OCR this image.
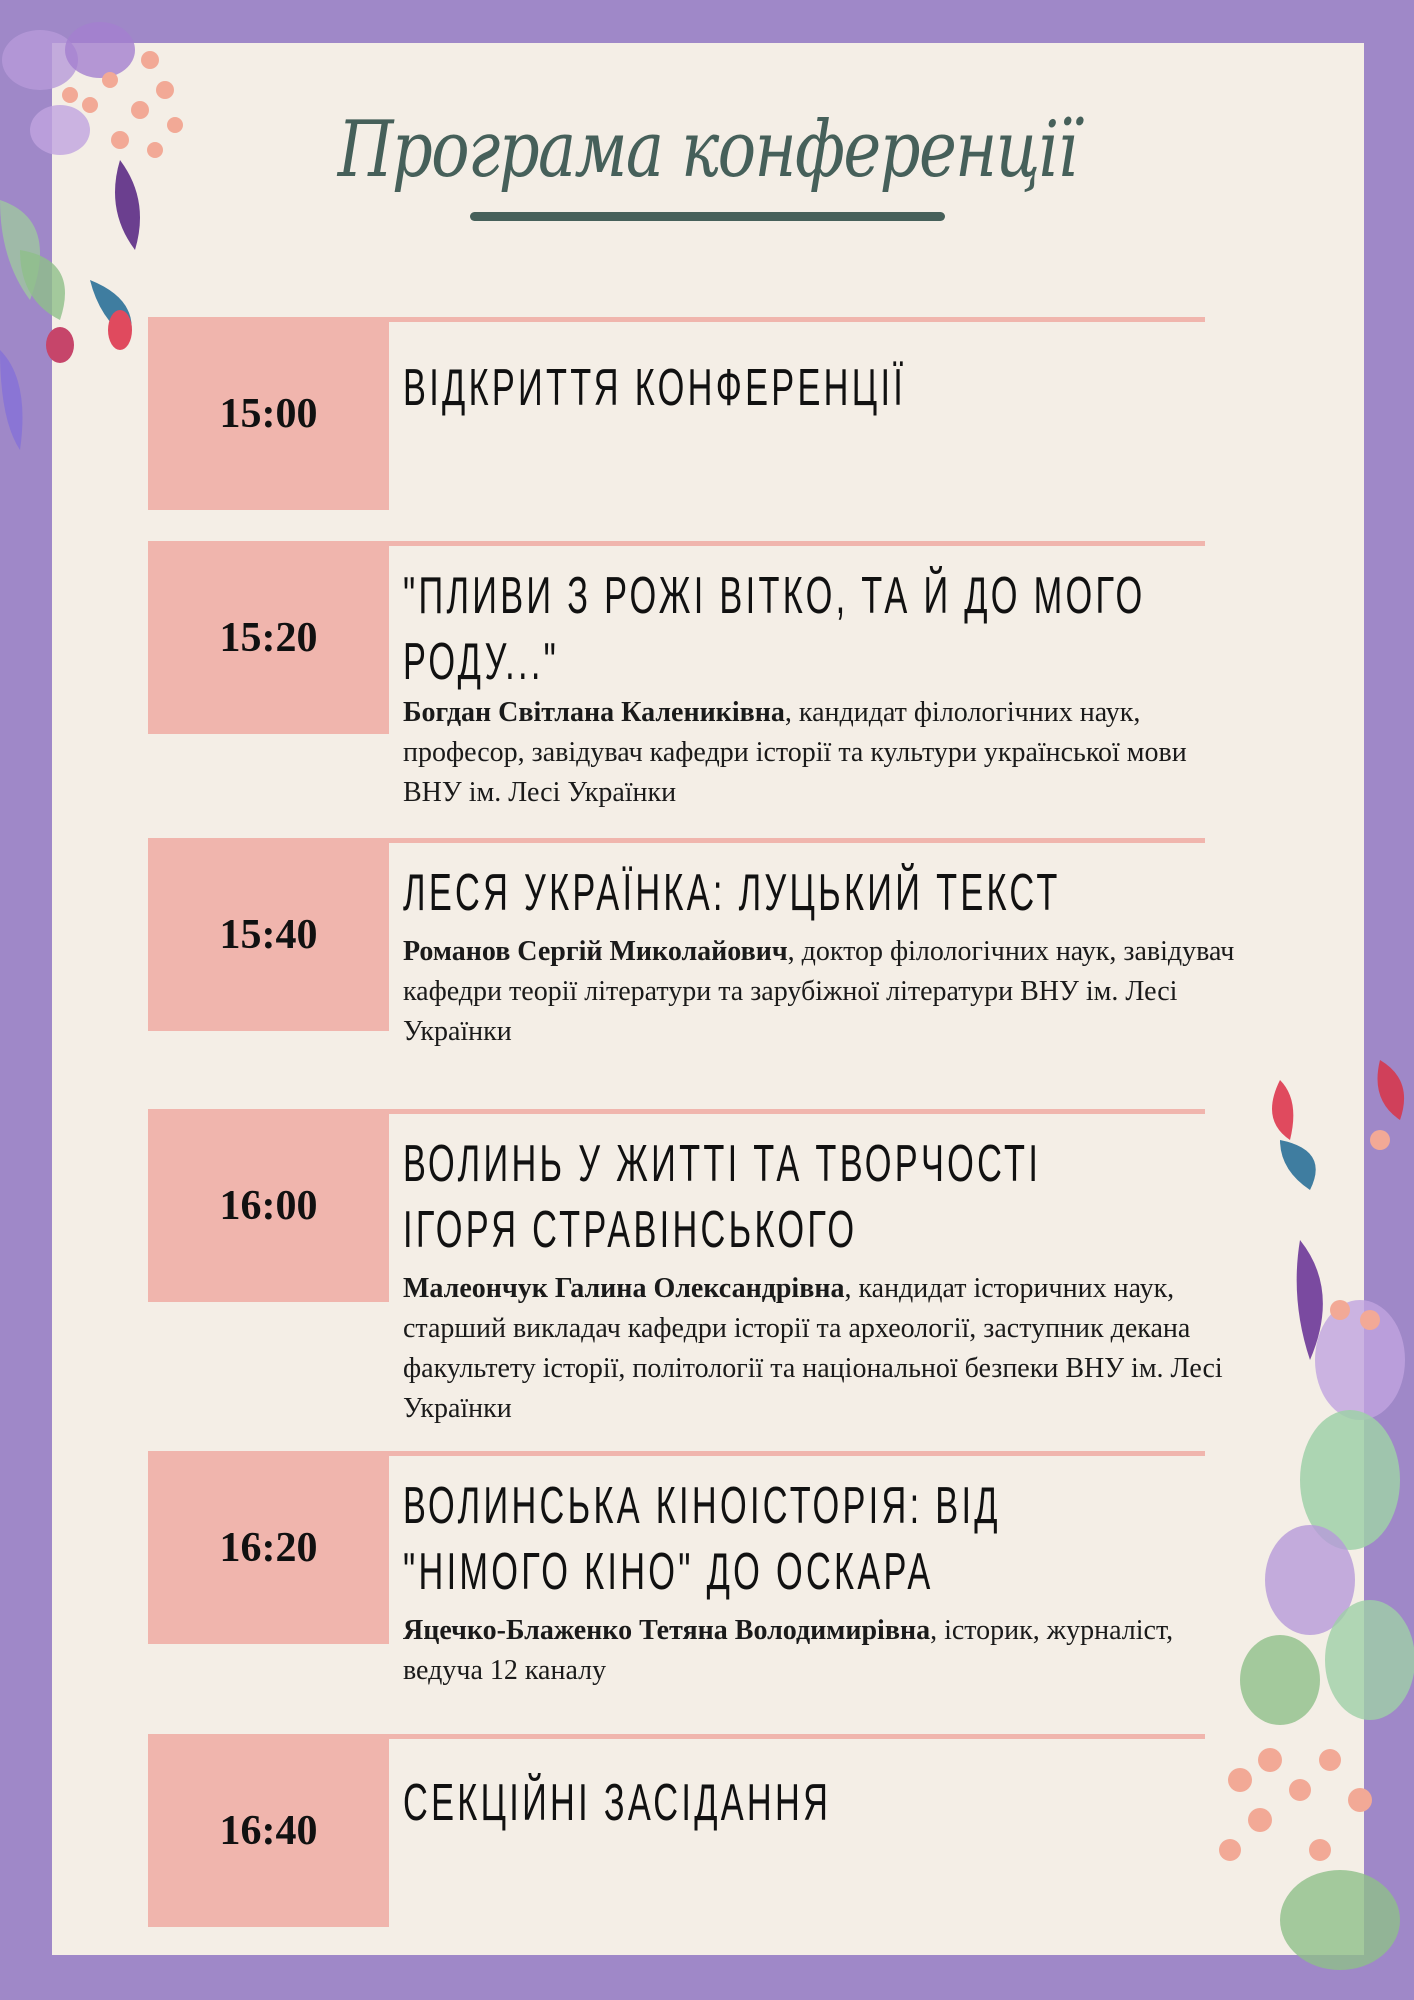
Програма конференції
15:00	ВІДКРИТТЯ КОНФЕРЕНЦІЇ
15:20
"ПЛИВИ З РОЖІ ВІТКО, ТА Й ДО МОГО
РОДУ..."
Богдан Світлана Каленикiвна, кандидат філологічних наук, професор, завідувач кафедри історії та культури української мови ВНУ ім. Лесі Українки
15:40
ЛЕСЯ УКРАЇНКА: ЛУЦЬКИЙ ТЕКСТ
Романов Сергій Миколайович, доктор філологічних наук, завідувач кафедри теорії літератури та зарубіжної літератури ВНУ ім. Лесі Українки
16:00
ВОЛИНЬ У ЖИТТІ ТА ТВОРЧОСТІ
ІГОРЯ СТРАВІНСЬКОГО
Малеончук Галина Олександрівна, кандидат історичних наук, старший викладач кафедри історії та археології, заступник декана факультету історії, політології та національної безпеки ВНУ ім. Лесі Українки
16:20
ВОЛИНСЬКА КІНОІСТОРІЯ: ВІД
"НІМОГО КІНО" ДО ОСКАРА
Яцечко-Блаженко Тетяна Володимирівна, історик, журналіст, ведуча 12 каналу
16:40	СЕКЦІЙНІ ЗАСІДАННЯ
